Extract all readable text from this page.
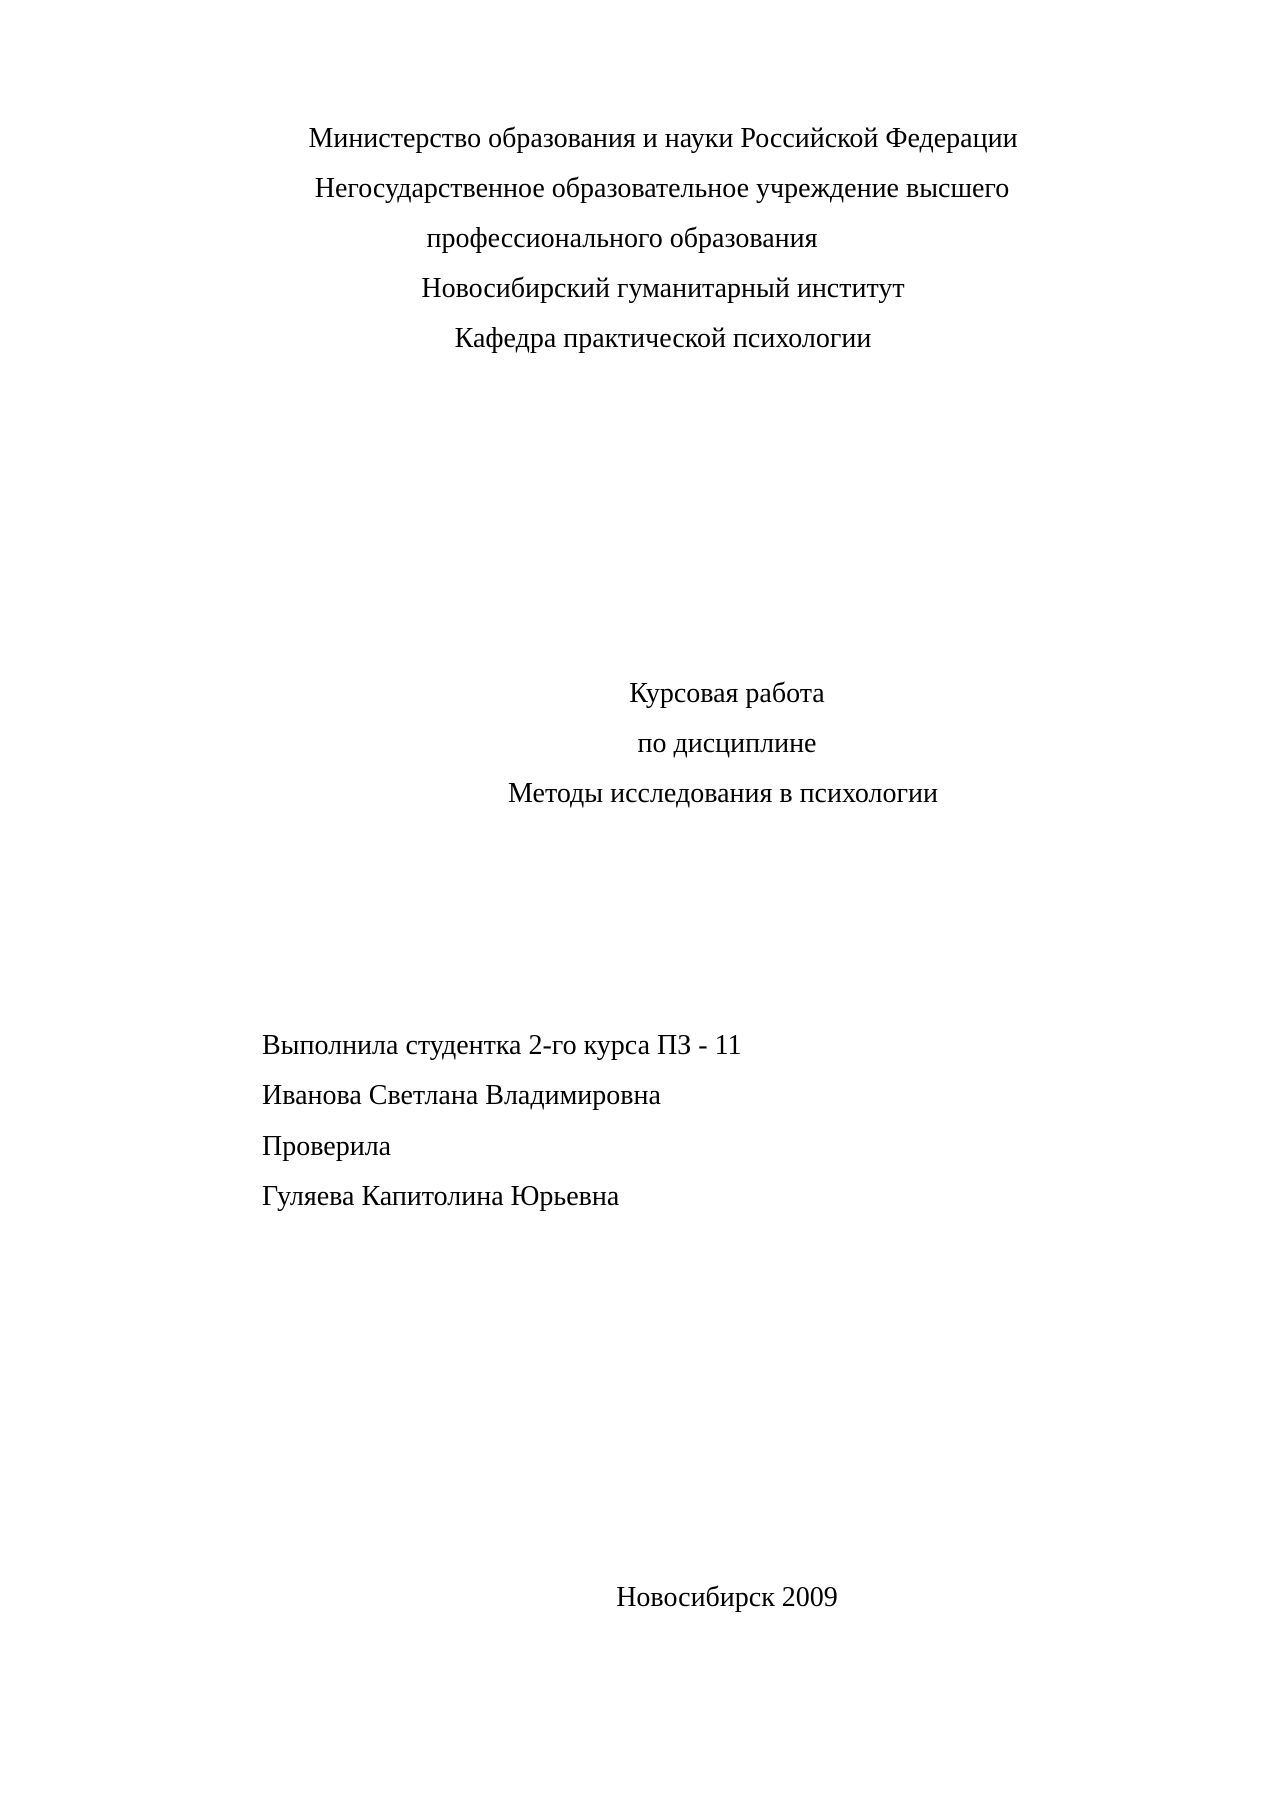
Министерство образования и науки Российской Федерации
Негосударственное образовательное учреждение высшего
профессионального образования
Новосибирский гуманитарный институт
Кафедра практической психологии
Курсовая работа
по дисциплине
Методы исследования в психологии
Выполнила студентка 2-го курса ПЗ - 11
Иванова Светлана Владимировна
Проверила
Гуляева Капитолина Юрьевна
Новосибирск 2009
